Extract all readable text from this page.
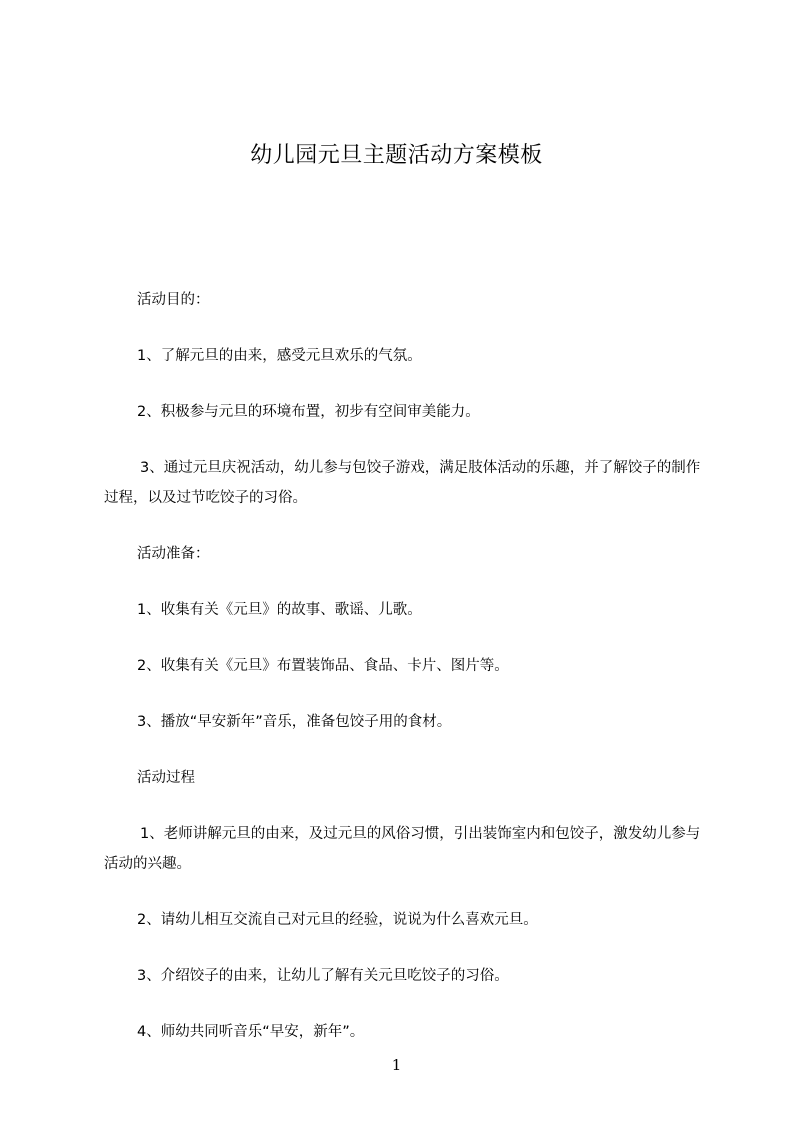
幼儿园元旦主题活动方案模板

活动目的：

1、了解元旦的由来，感受元旦欢乐的气氛。

2、积极参与元旦的环境布置，初步有空间审美能力。

3、通过元旦庆祝活动，幼儿参与包饺子游戏，满足肢体活动的乐趣，并了解饺子的制作过程，以及过节吃饺子的习俗。

活动准备：

1、收集有关《元旦》的故事、歌谣、儿歌。

2、收集有关《元旦》布置装饰品、食品、卡片、图片等。

3、播放“早安新年”音乐，准备包饺子用的食材。

活动过程

1、老师讲解元旦的由来，及过元旦的风俗习惯，引出装饰室内和包饺子，激发幼儿参与活动的兴趣。

2、请幼儿相互交流自己对元旦的经验，说说为什么喜欢元旦。

3、介绍饺子的由来，让幼儿了解有关元旦吃饺子的习俗。

4、师幼共同听音乐“早安，新年”。

1
